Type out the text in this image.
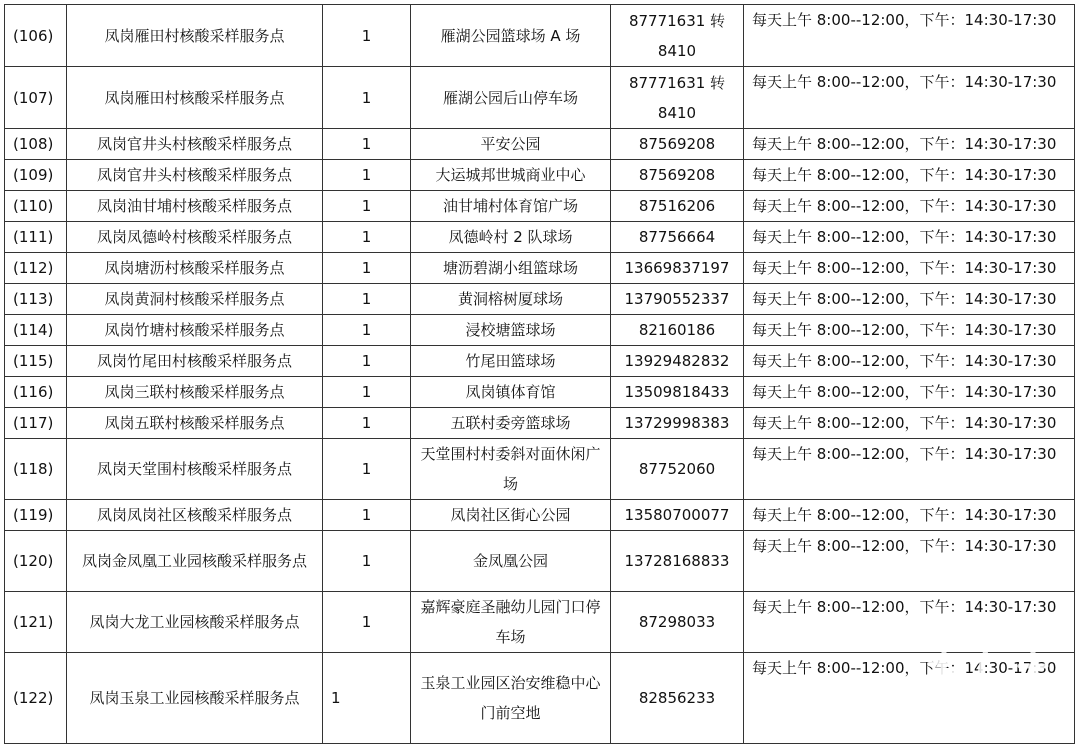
(106)	凤岗雁田村核酸采样服务点	1	雁湖公园篮球场 A 场	87771631 转 8410	每天上午 8:00--12:00，下午：14:30-17:30
(107)	凤岗雁田村核酸采样服务点	1	雁湖公园后山停车场	87771631 转 8410	每天上午 8:00--12:00，下午：14:30-17:30
(108)	凤岗官井头村核酸采样服务点	1	平安公园	87569208	每天上午 8:00--12:00，下午：14:30-17:30
(109)	凤岗官井头村核酸采样服务点	1	大运城邦世城商业中心	87569208	每天上午 8:00--12:00，下午：14:30-17:30
(110)	凤岗油甘埔村核酸采样服务点	1	油甘埔村体育馆广场	87516206	每天上午 8:00--12:00，下午：14:30-17:30
(111)	凤岗凤德岭村核酸采样服务点	1	凤德岭村 2 队球场	87756664	每天上午 8:00--12:00，下午：14:30-17:30
(112)	凤岗塘沥村核酸采样服务点	1	塘沥碧湖小组篮球场	13669837197	每天上午 8:00--12:00，下午：14:30-17:30
(113)	凤岗黄洞村核酸采样服务点	1	黄洞榕树厦球场	13790552337	每天上午 8:00--12:00，下午：14:30-17:30
(114)	凤岗竹塘村核酸采样服务点	1	浸校塘篮球场	82160186	每天上午 8:00--12:00，下午：14:30-17:30
(115)	凤岗竹尾田村核酸采样服务点	1	竹尾田篮球场	13929482832	每天上午 8:00--12:00，下午：14:30-17:30
(116)	凤岗三联村核酸采样服务点	1	凤岗镇体育馆	13509818433	每天上午 8:00--12:00，下午：14:30-17:30
(117)	凤岗五联村核酸采样服务点	1	五联村委旁篮球场	13729998383	每天上午 8:00--12:00，下午：14:30-17:30
(118)	凤岗天堂围村核酸采样服务点	1	天堂围村村委斜对面休闲广场	87752060	每天上午 8:00--12:00，下午：14:30-17:30
(119)	凤岗凤岗社区核酸采样服务点	1	凤岗社区街心公园	13580700077	每天上午 8:00--12:00，下午：14:30-17:30
(120)	凤岗金凤凰工业园核酸采样服务点	1	金凤凰公园	13728168833	每天上午 8:00--12:00，下午：14:30-17:30
(121)	凤岗大龙工业园核酸采样服务点	1	嘉辉豪庭圣融幼儿园门口停车场	87298033	每天上午 8:00--12:00，下午：14:30-17:30
(122)	凤岗玉泉工业园核酸采样服务点	1	玉泉工业园区治安维稳中心门前空地	82856233	每天上午 8:00--12:00，下午：14:30-17:30
